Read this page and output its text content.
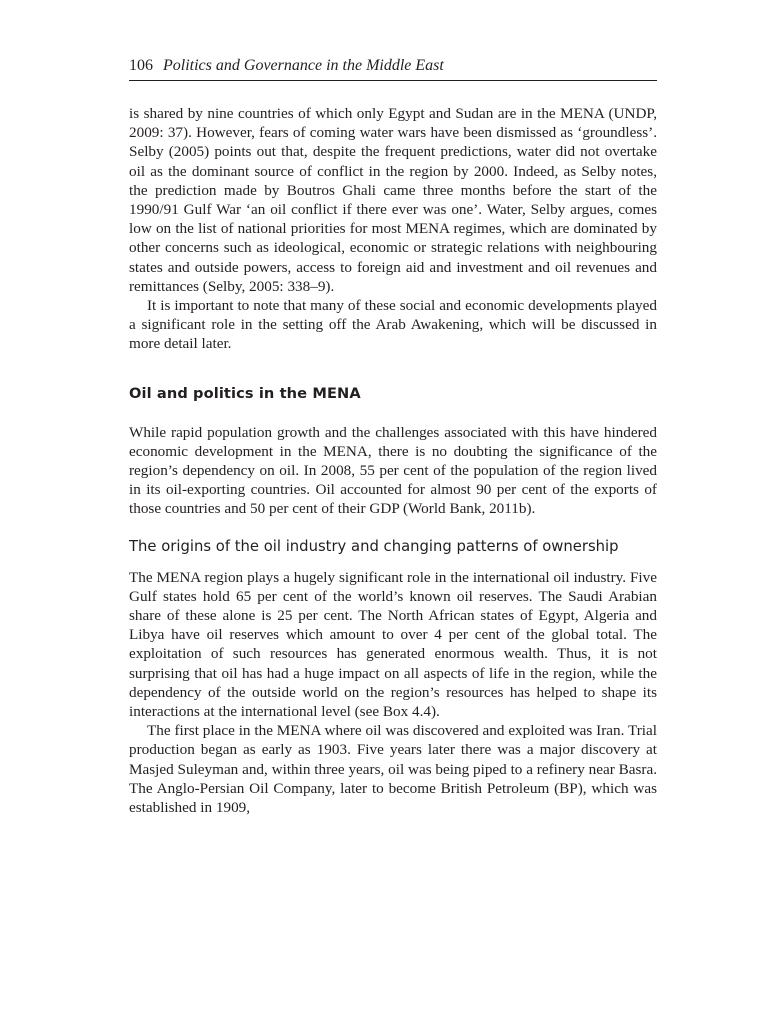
106 Politics and Governance in the Middle East

is shared by nine countries of which only Egypt and Sudan are in the MENA (UNDP, 2009: 37). However, fears of coming water wars have been dismissed as ‘groundless’. Selby (2005) points out that, despite the frequent predictions, water did not overtake oil as the dominant source of conflict in the region by 2000. Indeed, as Selby notes, the prediction made by Boutros Ghali came three months before the start of the 1990/91 Gulf War ‘an oil conflict if there ever was one’. Water, Selby argues, comes low on the list of national priorities for most MENA regimes, which are dominated by other concerns such as ideological, economic or strategic relations with neighbouring states and outside powers, access to foreign aid and investment and oil revenues and remittances (Selby, 2005: 338–9).

It is important to note that many of these social and economic developments played a significant role in the setting off the Arab Awakening, which will be discussed in more detail later.

Oil and politics in the MENA

While rapid population growth and the challenges associated with this have hindered economic development in the MENA, there is no doubting the significance of the region’s dependency on oil. In 2008, 55 per cent of the population of the region lived in its oil-exporting countries. Oil accounted for almost 90 per cent of the exports of those countries and 50 per cent of their GDP (World Bank, 2011b).

The origins of the oil industry and changing patterns of ownership

The MENA region plays a hugely significant role in the international oil industry. Five Gulf states hold 65 per cent of the world’s known oil reserves. The Saudi Arabian share of these alone is 25 per cent. The North African states of Egypt, Algeria and Libya have oil reserves which amount to over 4 per cent of the global total. The exploitation of such resources has generated enormous wealth. Thus, it is not surprising that oil has had a huge impact on all aspects of life in the region, while the dependency of the outside world on the region’s resources has helped to shape its interactions at the international level (see Box 4.4).

The first place in the MENA where oil was discovered and exploited was Iran. Trial production began as early as 1903. Five years later there was a major discovery at Masjed Suleyman and, within three years, oil was being piped to a refinery near Basra. The Anglo-Persian Oil Company, later to become British Petroleum (BP), which was established in 1909,
